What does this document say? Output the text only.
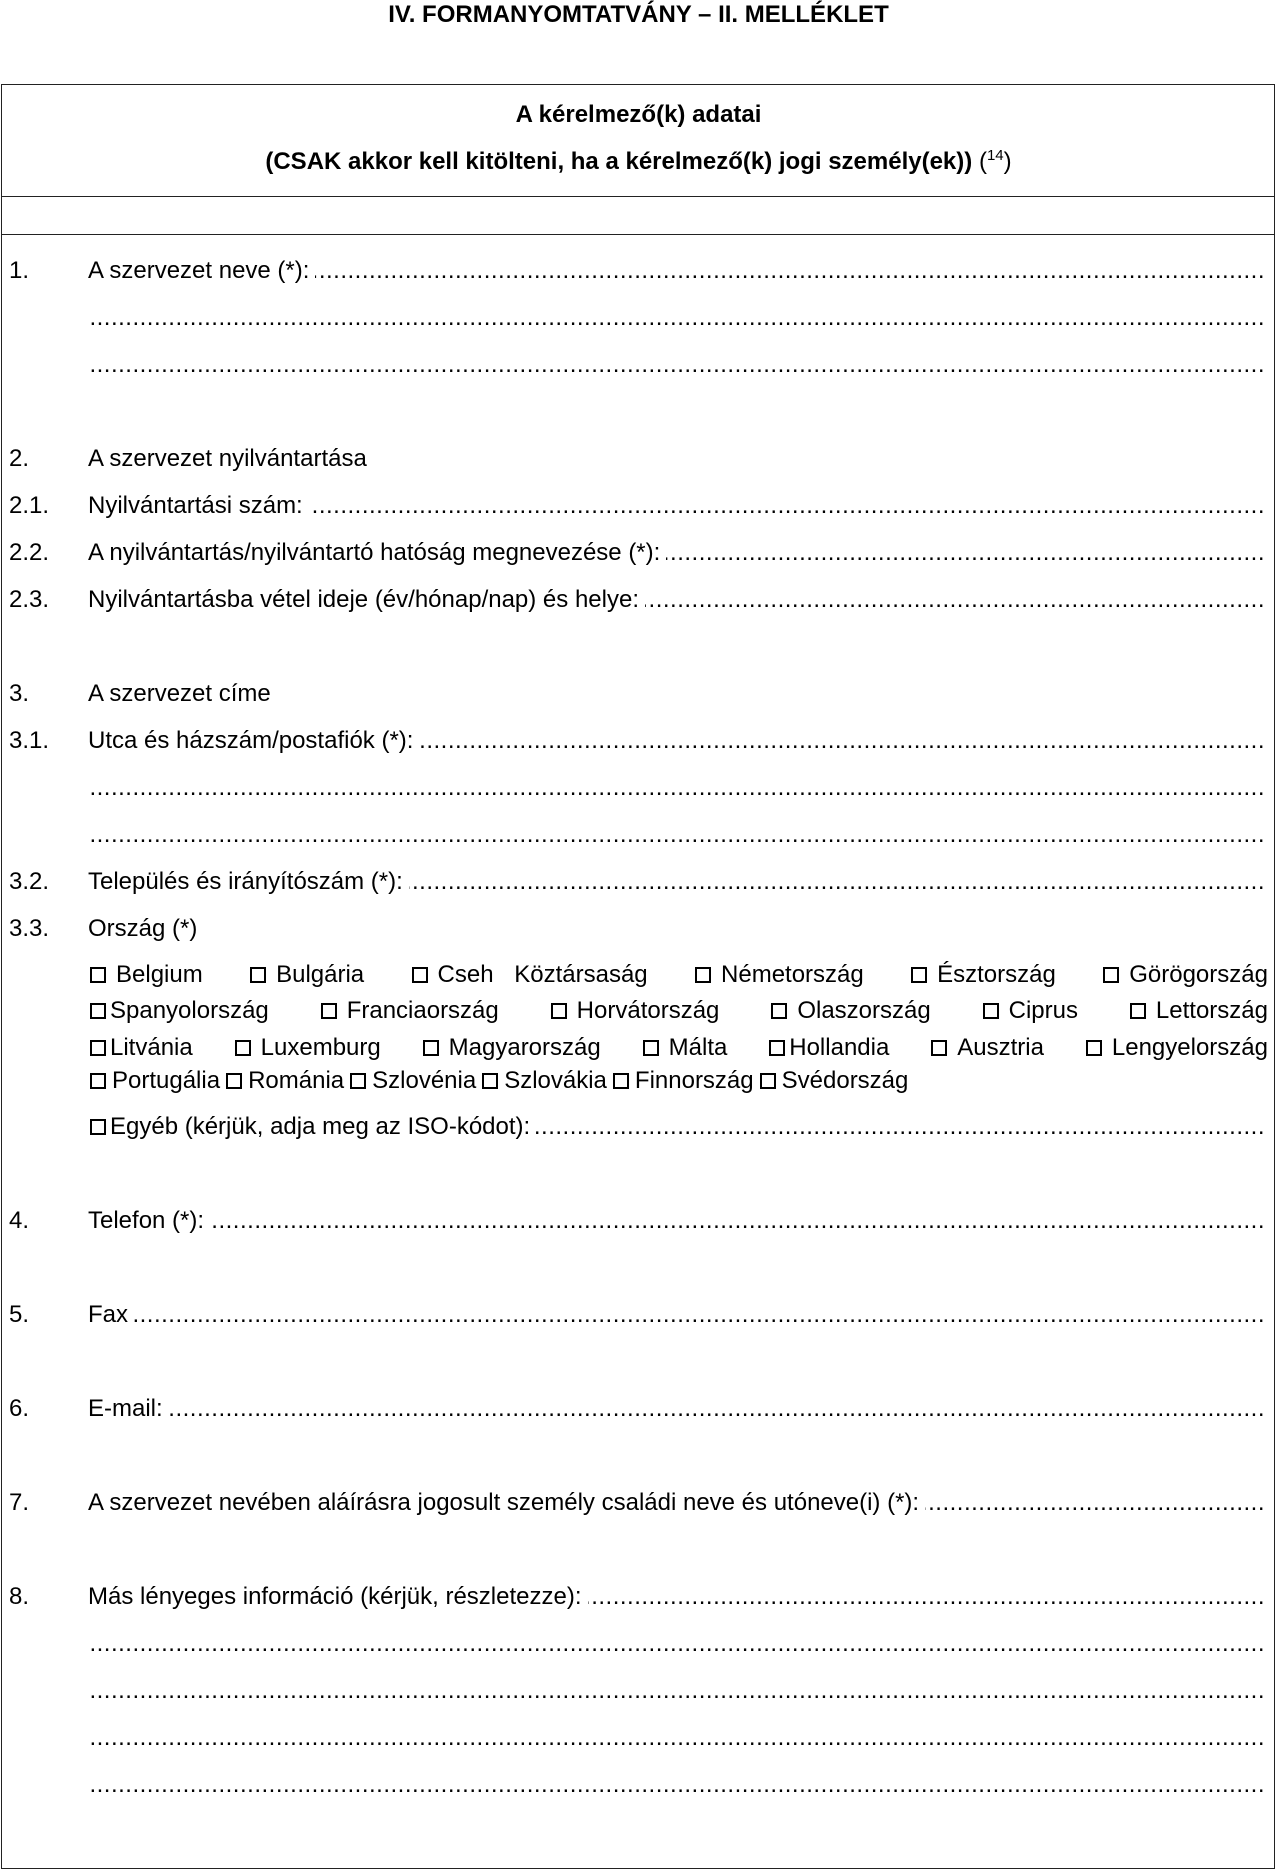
IV. FORMANYOMTATVÁNY – II. MELLÉKLET
A kérelmező(k) adatai
(CSAK akkor kell kitölteni, ha a kérelmező(k) jogi személy(ek)) ($^{14}$)
1. A szervezet neve (*):
.....
.....
.....
2. A szervezet nyilvántartása
2.1. Nyilvántartási szám:
.....
2.2. A nyilvántartás/nyilvántartó hatóság megnevezése (*):
.....
2.3. Nyilvántartásba vétel ideje (év/hónap/nap) és helye:
.....
3. A szervezet címe
3.1. Utca és házszám/postafiók (*):
.....
.....
.....
3.2. Település és irányítószám (*):
.....
3.3. Ország (*)
Belgium	Bulgária	Cseh Köztársaság	Németország	Észtország	Görögország
Spanyolország	Franciaország	Horvátország	Olaszország	Ciprus	Lettország
Litvánia	Luxemburg	Magyarország	Málta	Hollandia	Ausztria	Lengyelország
Portugália Románia Szlovénia Szlovákia Finnország Svédország
Egyéb (kérjük, adja meg az ISO-kódot):
.....
4. Telefon (*):
.....
5. Fax
.....
6. E-mail:
.....
7. A szervezet nevében aláírásra jogosult személy családi neve és utóneve(i) (*):
.....
8. Más lényeges információ (kérjük, részletezze):
.....
.....
.....
.....
.....
